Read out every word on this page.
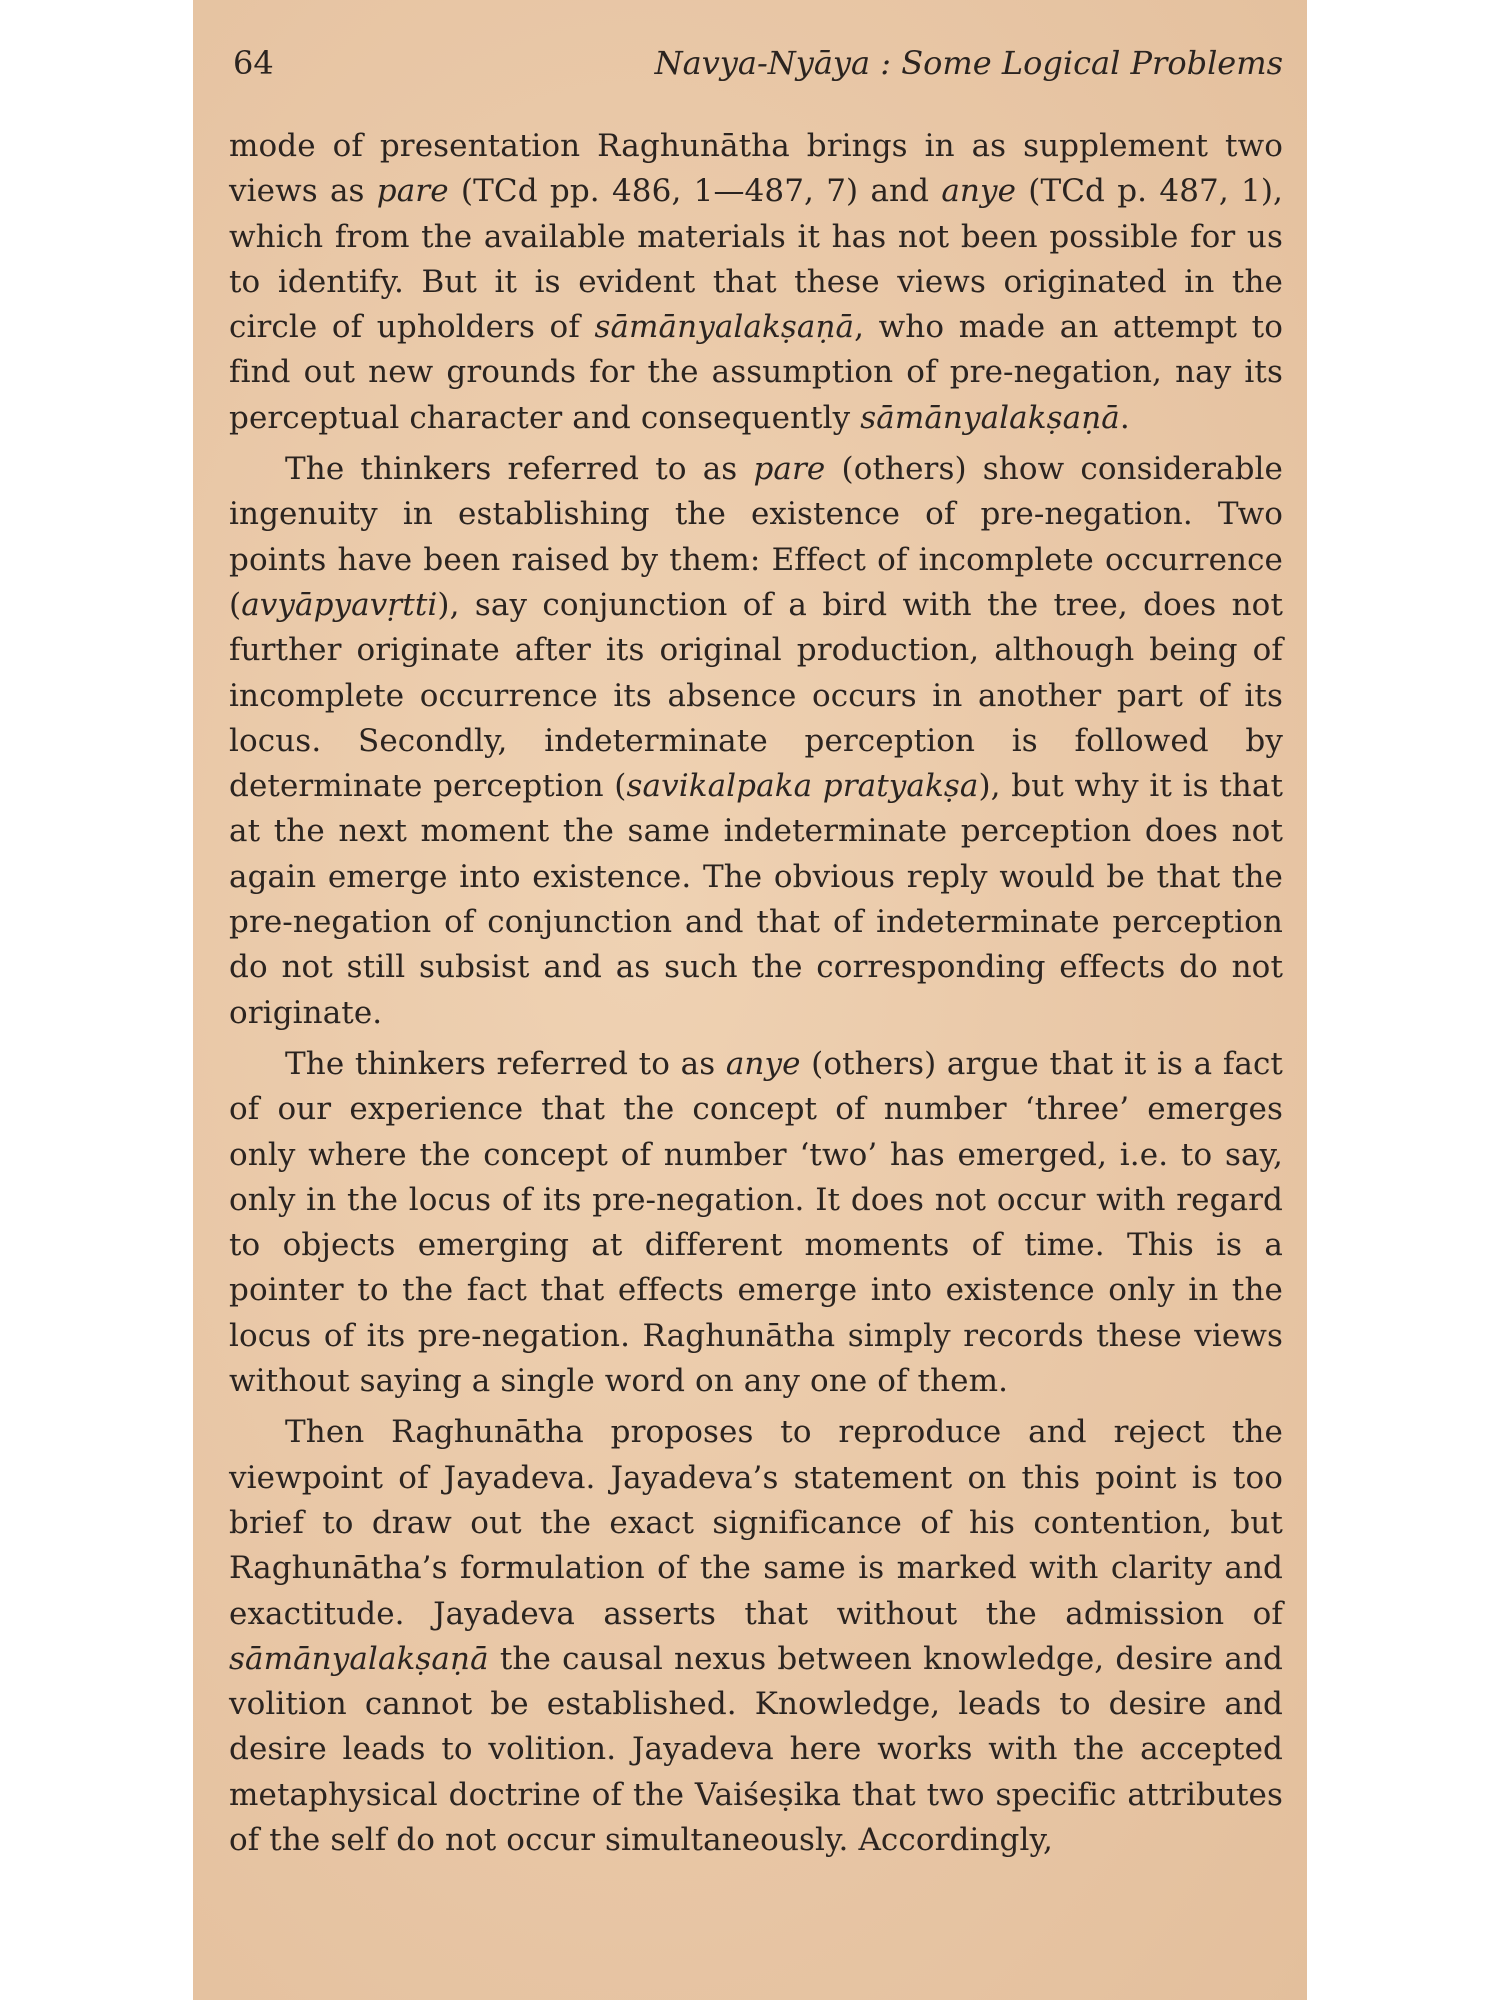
64	Navya-Nyāya : Some Logical Problems

mode of presentation Raghunātha brings in as supplement two views as pare (TCd pp. 486, 1—487, 7) and anye (TCd p. 487, 1), which from the available materials it has not been possible for us to identify. But it is evident that these views originated in the circle of upholders of sāmānyalakṣaṇā, who made an attempt to find out new grounds for the assumption of pre-negation, nay its perceptual character and consequently sāmānyalakṣaṇā.

The thinkers referred to as pare (others) show considerable ingenuity in establishing the existence of pre-negation. Two points have been raised by them: Effect of incomplete occurrence (avyāpyavṛtti), say conjunction of a bird with the tree, does not further originate after its original production, although being of incomplete occurrence its absence occurs in another part of its locus. Secondly, indeterminate perception is followed by determinate perception (savikalpaka pratyakṣa), but why it is that at the next moment the same indeterminate perception does not again emerge into existence. The obvious reply would be that the pre-negation of conjunction and that of indeterminate perception do not still subsist and as such the corresponding effects do not originate.

The thinkers referred to as anye (others) argue that it is a fact of our experience that the concept of number ‘three’ emerges only where the concept of number ‘two’ has emerged, i.e. to say, only in the locus of its pre-negation. It does not occur with regard to objects emerging at different moments of time. This is a pointer to the fact that effects emerge into existence only in the locus of its pre-negation. Raghunātha simply records these views without saying a single word on any one of them.

Then Raghunātha proposes to reproduce and reject the viewpoint of Jayadeva. Jayadeva’s statement on this point is too brief to draw out the exact significance of his contention, but Raghunātha’s formulation of the same is marked with clarity and exactitude. Jayadeva asserts that without the admission of sāmānyalakṣaṇā the causal nexus between knowledge, desire and volition cannot be established. Knowledge, leads to desire and desire leads to volition. Jayadeva here works with the accepted metaphysical doctrine of the Vaiśeṣika that two specific attributes of the self do not occur simultaneously. Accordingly,
